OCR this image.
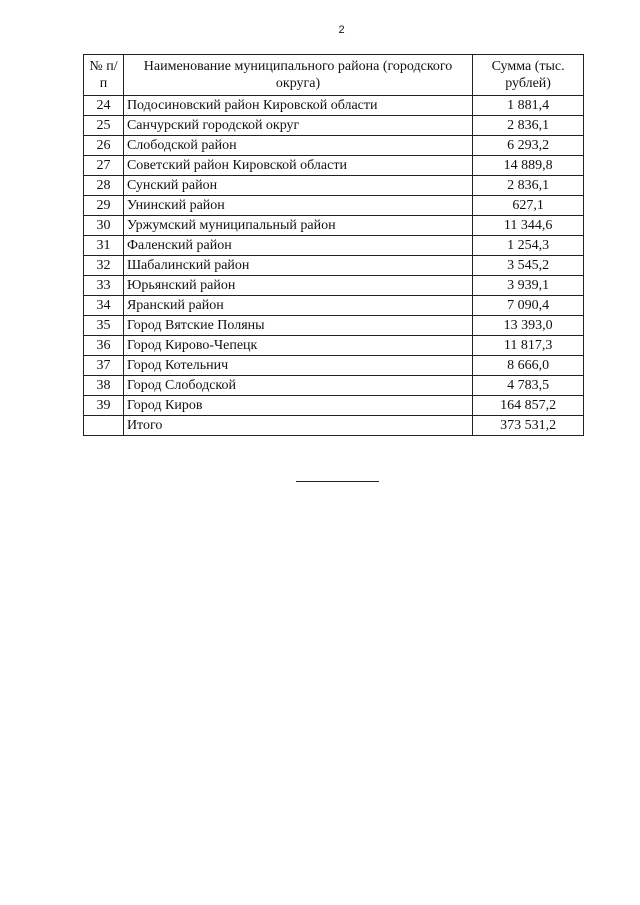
2
№ п/п	Наименование муниципального района (городского округа)	Сумма (тыс. рублей)
24	Подосиновский район Кировской области	1 881,4
25	Санчурский городской округ	2 836,1
26	Слободской район	6 293,2
27	Советский район Кировской области	14 889,8
28	Сунский район	2 836,1
29	Унинский район	627,1
30	Уржумский муниципальный район	11 344,6
31	Фаленский район	1 254,3
32	Шабалинский район	3 545,2
33	Юрьянский район	3 939,1
34	Яранский район	7 090,4
35	Город Вятские Поляны	13 393,0
36	Город Кирово-Чепецк	11 817,3
37	Город Котельнич	8 666,0
38	Город Слободской	4 783,5
39	Город Киров	164 857,2
	Итого	373 531,2
